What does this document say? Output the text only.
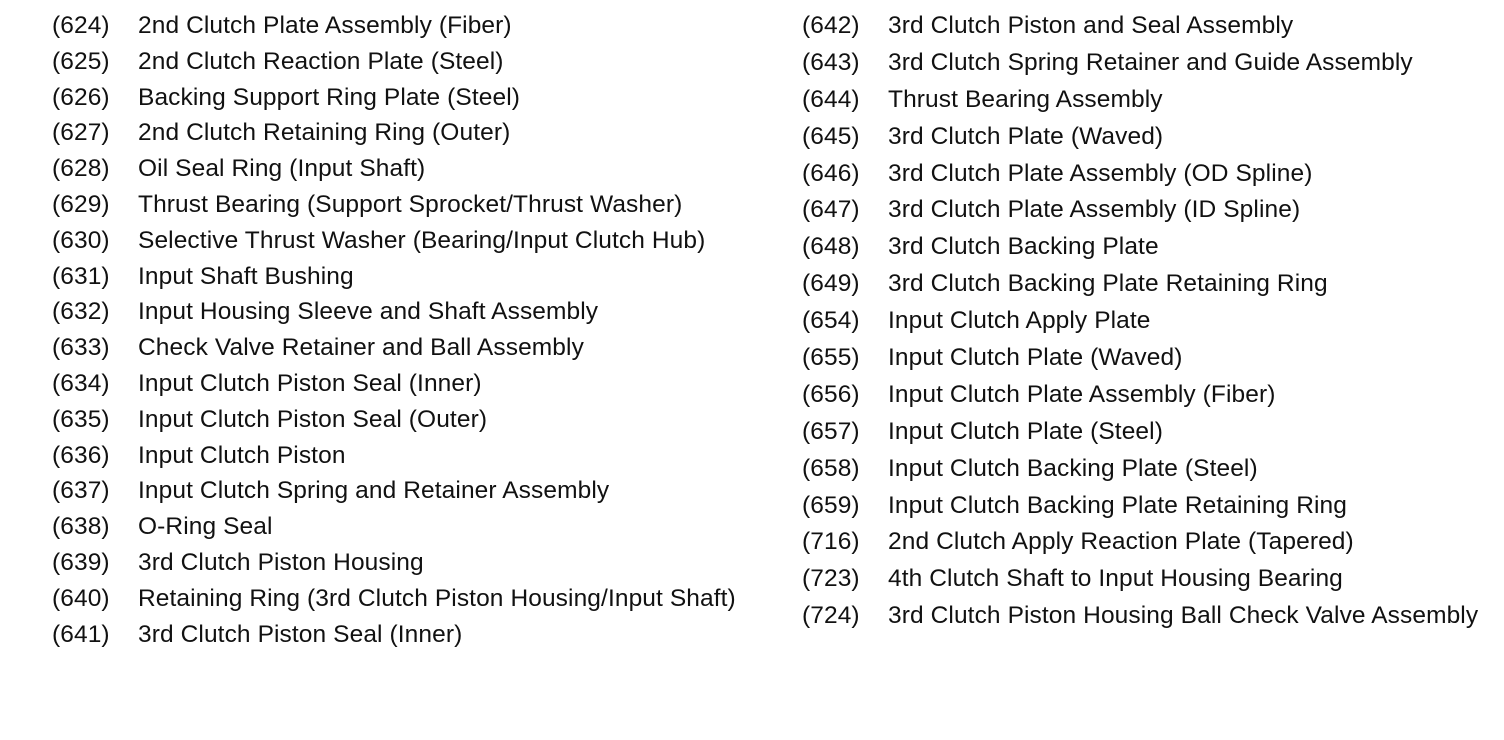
(624)	2nd Clutch Plate Assembly (Fiber)
(625)	2nd Clutch Reaction Plate (Steel)
(626)	Backing Support Ring Plate (Steel)
(627)	2nd Clutch Retaining Ring (Outer)
(628)	Oil Seal Ring (Input Shaft)
(629)	Thrust Bearing (Support Sprocket/Thrust Washer)
(630)	Selective Thrust Washer (Bearing/Input Clutch Hub)
(631)	Input Shaft Bushing
(632)	Input Housing Sleeve and Shaft Assembly
(633)	Check Valve Retainer and Ball Assembly
(634)	Input Clutch Piston Seal (Inner)
(635)	Input Clutch Piston Seal (Outer)
(636)	Input Clutch Piston
(637)	Input Clutch Spring and Retainer Assembly
(638)	O-Ring Seal
(639)	3rd Clutch Piston Housing
(640)	Retaining Ring (3rd Clutch Piston Housing/Input Shaft)
(641)	3rd Clutch Piston Seal (Inner)
(642)	3rd Clutch Piston and Seal Assembly
(643)	3rd Clutch Spring Retainer and Guide Assembly
(644)	Thrust Bearing Assembly
(645)	3rd Clutch Plate (Waved)
(646)	3rd Clutch Plate Assembly (OD Spline)
(647)	3rd Clutch Plate Assembly (ID Spline)
(648)	3rd Clutch Backing Plate
(649)	3rd Clutch Backing Plate Retaining Ring
(654)	Input Clutch Apply Plate
(655)	Input Clutch Plate (Waved)
(656)	Input Clutch Plate Assembly (Fiber)
(657)	Input Clutch Plate (Steel)
(658)	Input Clutch Backing Plate (Steel)
(659)	Input Clutch Backing Plate Retaining Ring
(716)	2nd Clutch Apply Reaction Plate (Tapered)
(723)	4th Clutch Shaft to Input Housing Bearing
(724)	3rd Clutch Piston Housing Ball Check Valve Assembly
